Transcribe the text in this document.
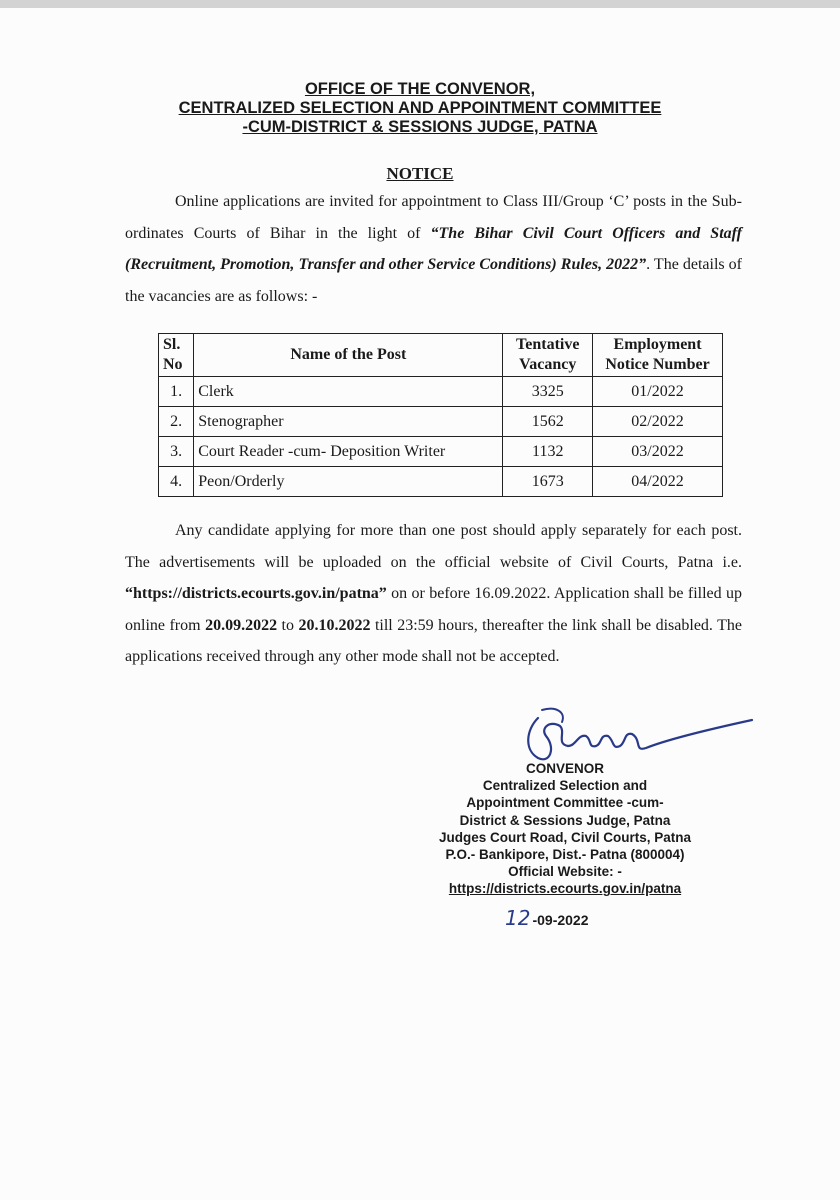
OFFICE OF THE CONVENOR,
CENTRALIZED SELECTION AND APPOINTMENT COMMITTEE
-CUM-DISTRICT & SESSIONS JUDGE, PATNA
NOTICE
Online applications are invited for appointment to Class III/Group ‘C’ posts in the Sub-ordinates Courts of Bihar in the light of “The Bihar Civil Court Officers and Staff (Recruitment, Promotion, Transfer and other Service Conditions) Rules, 2022”. The details of the vacancies are as follows: -
Sl. No	Name of the Post	Tentative Vacancy	Employment Notice Number
1.	Clerk	3325	01/2022
2.	Stenographer	1562	02/2022
3.	Court Reader -cum- Deposition Writer	1132	03/2022
4.	Peon/Orderly	1673	04/2022
Any candidate applying for more than one post should apply separately for each post. The advertisements will be uploaded on the official website of Civil Courts, Patna i.e. “https://districts.ecourts.gov.in/patna” on or before 16.09.2022. Application shall be filled up online from 20.09.2022 to 20.10.2022 till 23:59 hours, thereafter the link shall be disabled. The applications received through any other mode shall not be accepted.
CONVENOR
Centralized Selection and
Appointment Committee -cum-
District & Sessions Judge, Patna
Judges Court Road, Civil Courts, Patna
P.O.- Bankipore, Dist.- Patna (800004)
Official Website: -
https://districts.ecourts.gov.in/patna
12 -09-2022
